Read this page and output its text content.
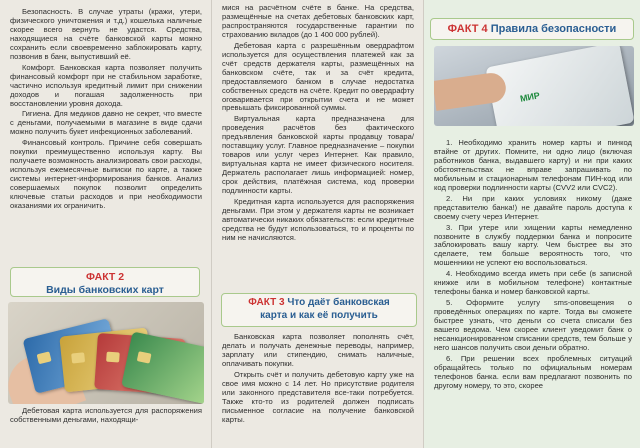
Безопасность. В случае утраты (кражи, утери, физического уничтожения и т.д.) кошелька наличные скорее всего вернуть не удастся. Средства, находящиеся на счёте банковской карты можно сохранить если своевременно заблокировать карту, позвонив в банк, выпустивший её.

Комфорт. Банковская карта позволяет получить финансовый комфорт при не стабильном заработке, частично используя кредитный лимит при снижении доходов и погашая задолженность при восстановлении уровня дохода.

Гигиена. Для медиков давно не секрет, что вместе с деньгами, получаемыми в магазине в виде сдачи можно получить букет инфекционных заболеваний.

Финансовый контроль. Причине себя совершать покупки преимущественно используя карту. Вы получаете возможность анализировать свои расходы, используя ежемесячные выписки по карте, а также системы интернет-информирования банков. Анализ совершаемых покупок позволит определить ключевые статьи расходов и при необходимости оказаниями их ограничить.

ФАКТ 2
Виды банковских карт

Дебетовая карта используется для распоряжения собственными деньгами, находящи-

мися на расчётном счёте в банке. На средства, размещённые на счетах дебетовых банковских карт, распространяются государственные гарантии по страхованию вкладов (до 1 400 000 рублей).

Дебетовая карта с разрешённым овердрафтом используется для осуществления платежей как за счёт средств держателя карты, размещённых на банковском счёте, так и за счёт кредита, предоставляемого банком в случае недостатка собственных средств на счёте. Кредит по овердрафту оговаривается при открытии счета и не может превышать фиксированной суммы.

Виртуальная карта предназначена для проведения расчётов без фактического предъявления банковской карты продавцу товара/поставщику услуг. Главное предназначение – покупки товаров или услуг через Интернет. Как правило, виртуальная карта не имеет физического носителя. Держатель располагает лишь информацией: номер, срок действия, платёжная система, код проверки подлинности карты.

Кредитная карта используется для распоряжения деньгами. При этом у держателя карты не возникает автоматически никаких обязательств: если кредитные средства не будут использоваться, то и проценты по ним не начисляются.

ФАКТ 3 Что даёт банковская
карта и как её получить

Банковская карта позволяет пополнять счёт, делать и получать денежные переводы, например, зарплату или стипендию, снимать наличные, оплачивать покупки.

Открыть счёт и получить дебетовую карту уже на свое имя можно с 14 лет. Но присутствие родителя или законного представителя все-таки потребуется. Также кто-то из родителей должен подписать письменное согласие на получение банковской карты.

ФАКТ 4 Правила безопасности
МИР

1. Необходимо хранить номер карты и пинкод втайне от других. Помните, ни одно лицо (включая работников банка, выдавшего карту) и ни при каких обстоятельствах не вправе запрашивать по мобильным и стационарным телефонам ПИН-код или код проверки подлинности карты (CVV2 или CVC2).

2. Ни при каких условиях никому (даже представителю банка!) не давайте пароль доступа к своему счету через Интернет.

3. При утере или хищении карты немедленно позвоните в службу поддержки банка и попросите заблокировать вашу карту. Чем быстрее вы это сделаете, тем больше вероятность того, что мошенники не успеют ею воспользоваться.

4. Необходимо всегда иметь при себе (в записной книжке или в мобильном телефоне) контактные телефоны банка и номер банковской карты.

5. Оформите услугу sms-оповещения о проведённых операциях по карте. Тогда вы сможете быстрее узнать, что деньги со счета списали без вашего ведома. Чем скорее клиент уведомит банк о несанкционированном списании средств, тем больше у него шансов получить свои деньги обратно.

6. При решении всех проблемных ситуаций обращайтесь только по официальным номерам телефонов банка. если вам предлагают позвонить по другому номеру, то это, скорее
